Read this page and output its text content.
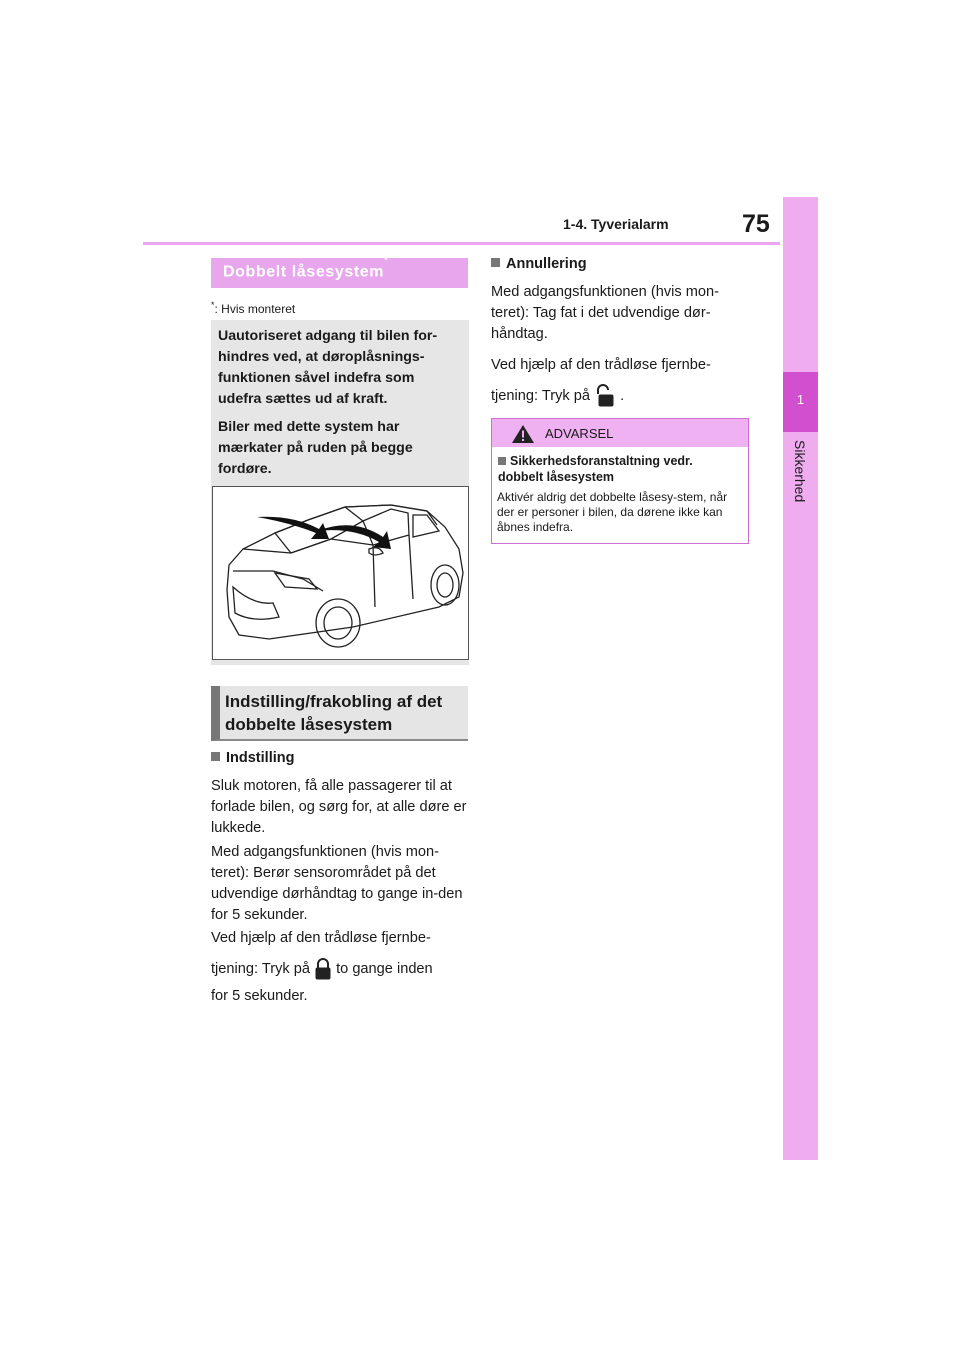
1-4. Tyverialarm	75
1
Sikkerhed
Dobbelt låsesystem*
*: Hvis monteret

Uautoriseret adgang til bilen for-hindres ved, at døroplåsnings-funktionen såvel indefra som udefra sættes ud af kraft.

Biler med dette system har mærkater på ruden på begge fordøre.

Indstilling/frakobling af det dobbelte låsesystem
Indstilling
Sluk motoren, få alle passagerer til at forlade bilen, og sørg for, at alle døre er lukkede.
Med adgangsfunktionen (hvis mon-teret): Berør sensorområdet på det udvendige dørhåndtag to gange in-den for 5 sekunder.
Ved hjælp af den trådløse fjernbe-
tjening: Tryk på to gange inden
for 5 sekunder.
Annullering
Med adgangsfunktionen (hvis mon-teret): Tag fat i det udvendige dør-håndtag.
Ved hjælp af den trådløse fjernbe-
tjening: Tryk på .
ADVARSEL
Sikkerhedsforanstaltning vedr. dobbelt låsesystem
Aktivér aldrig det dobbelte låsesy-stem, når der er personer i bilen, da dørene ikke kan åbnes indefra.
